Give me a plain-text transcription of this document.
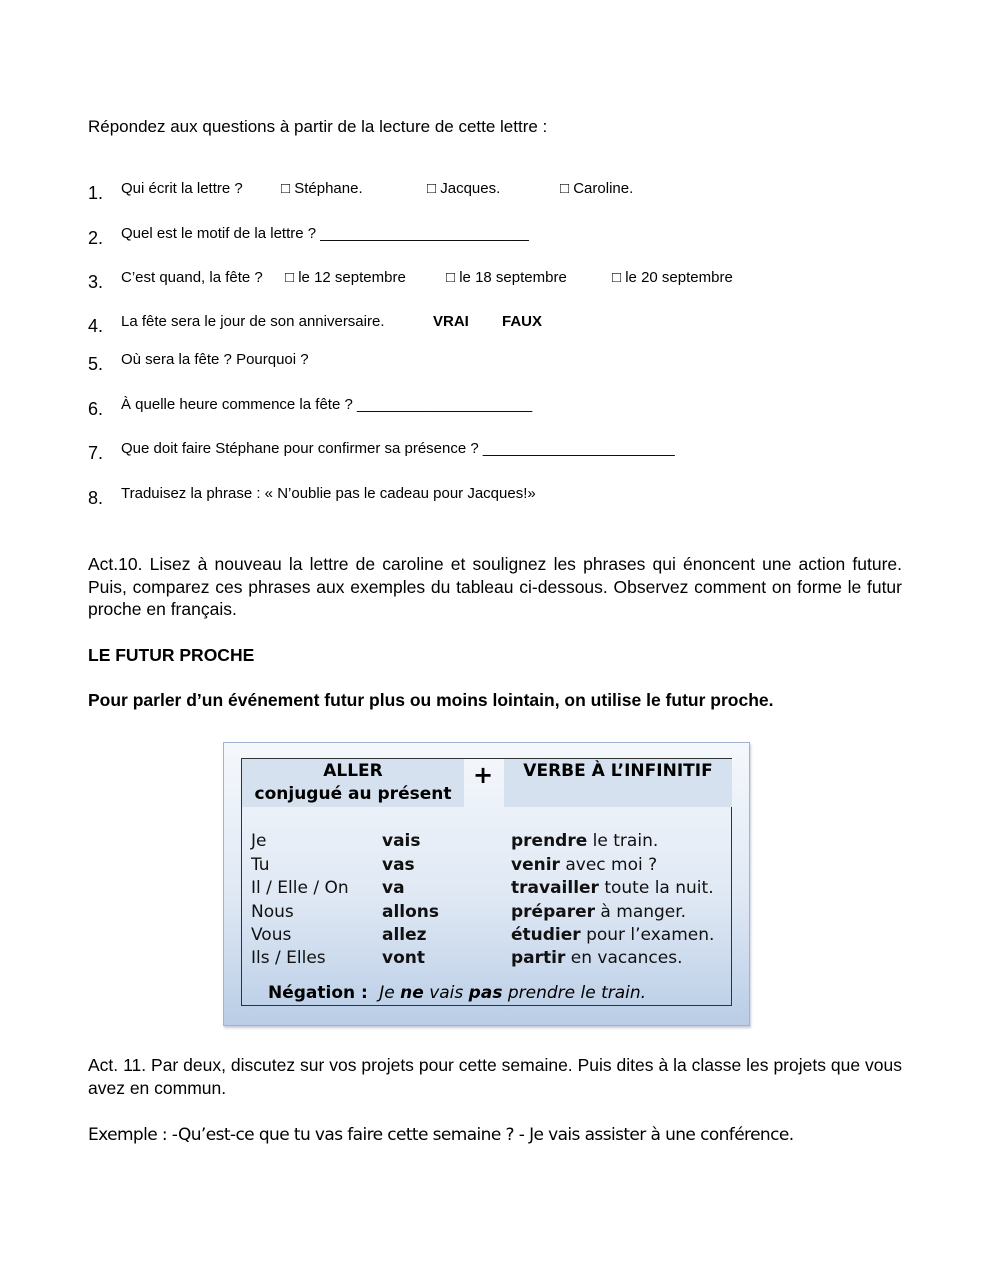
Répondez aux questions à partir de la lecture de cette lettre :
1. Qui écrit la lettre ?	□ Stéphane.	□ Jacques.	□ Caroline.
2. Quel est le motif de la lettre ? _________________________
3. C’est quand, la fête ? □ le 12 septembre	□ le 18 septembre	□ le 20 septembre
4. La fête sera le jour de son anniversaire.	VRAI FAUX
5. Où sera la fête ? Pourquoi ?
6. À quelle heure commence la fête ? _____________________
7. Que doit faire Stéphane pour confirmer sa présence ? _______________________
8. Traduisez la phrase : « N’oublie pas le cadeau pour Jacques!»
Act.10. Lisez à nouveau la lettre de caroline et soulignez les phrases qui énoncent une action future. Puis, comparez ces phrases aux exemples du tableau ci-dessous. Observez comment on forme le futur proche en français.
LE FUTUR PROCHE
Pour parler d’un événement futur plus ou moins lointain, on utilise le futur proche.
ALLER
conjugué au présent
+	VERBE À L’INFINITIF
Je	vais	prendre le train.
Tu	vas	venir avec moi ?
Il / Elle / On va	travailler toute la nuit.
Nous	allons	préparer à manger.
Vous	allez	étudier pour l’examen.
Ils / Elles	vont	partir en vacances.
Négation : Je ne vais pas prendre le train.
Act. 11. Par deux, discutez sur vos projets pour cette semaine. Puis dites à la classe les projets que vous avez en commun.
Exemple : -Qu’est-ce que tu vas faire cette semaine ? - Je vais assister à une conférence.
